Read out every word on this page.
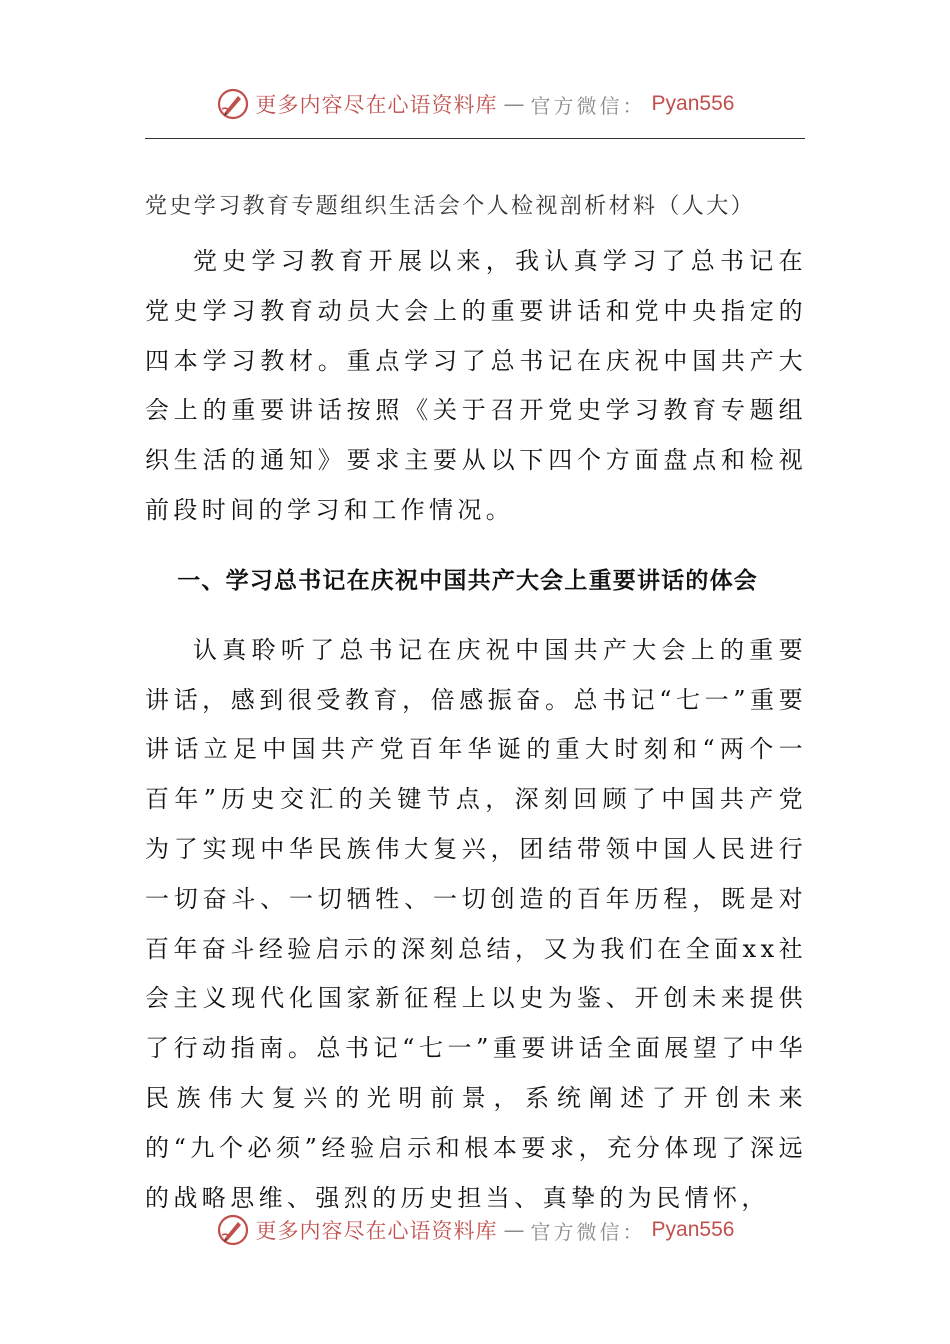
更多内容尽在心语资料库 — 官方微信： Pyan556
党史学习教育专题组织生活会个人检视剖析材料（人大）

党史学习教育开展以来，我认真学习了总书记在党史学习教育动员大会上的重要讲话和党中央指定的四本学习教材。重点学习了总书记在庆祝中国共产大会上的重要讲话按照《关于召开党史学习教育专题组织生活的通知》要求主要从以下四个方面盘点和检视前段时间的学习和工作情况。

一、学习总书记在庆祝中国共产大会上重要讲话的体会

认真聆听了总书记在庆祝中国共产大会上的重要讲话，感到很受教育，倍感振奋。总书记“七一”重要讲话立足中国共产党百年华诞的重大时刻和“两个一百年”历史交汇的关键节点，深刻回顾了中国共产党为了实现中华民族伟大复兴，团结带领中国人民进行一切奋斗、一切牺牲、一切创造的百年历程，既是对百年奋斗经验启示的深刻总结，又为我们在全面xx社会主义现代化国家新征程上以史为鉴、开创未来提供了行动指南。总书记“七一”重要讲话全面展望了中华民族伟大复兴的光明前景，系统阐述了开创未来的“九个必须”经验启示和根本要求，充分体现了深远的战略思维、强烈的历史担当、真挚的为民情怀，

更多内容尽在心语资料库 — 官方微信： Pyan556
